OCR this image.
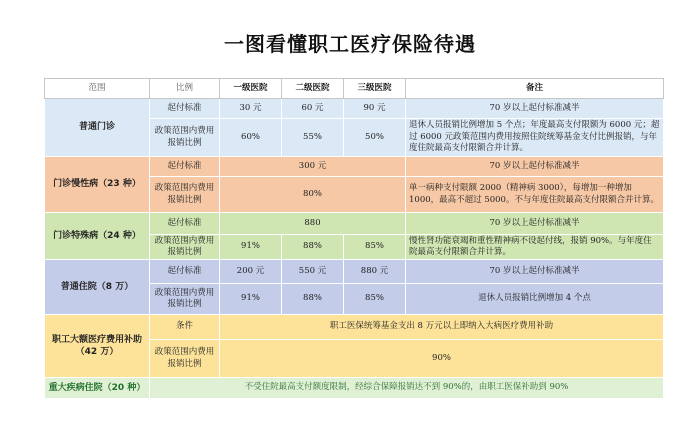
一图看懂职工医疗保险待遇
范围	比例	一级医院	二级医院	三级医院	备注
普通门诊	起付标准	30 元	60 元	90 元	70 岁以上起付标准减半
	政策范围内费用报销比例	60%	55%	50%	退休人员报销比例增加 5 个点；年度最高支付限额为 6000 元；超过 6000 元政策范围内费用按照住院统筹基金支付比例报销，与年度住院最高支付限额合并计算。
门诊慢性病（23 种）	起付标准	300 元			70 岁以上起付标准减半
	政策范围内费用报销比例	80%			单一病种支付限额 2000（精神病 3000），每增加一种增加 1000，最高不超过 5000。不与年度住院最高支付限额合并计算。
门诊特殊病（24 种）	起付标准	880			70 岁以上起付标准减半
	政策范围内费用报销比例	91%	88%	85%	慢性肾功能衰竭和重性精神病不设起付线，报销 90%。与年度住院最高支付限额合并计算。
普通住院（8 万）	起付标准	200 元	550 元	880 元	70 岁以上起付标准减半
	政策范围内费用报销比例	91%	88%	85%	退休人员报销比例增加 4 个点
职工大额医疗费用补助（42 万）	条件	职工医保统筹基金支出 8 万元以上即纳入大病医疗费用补助			
	政策范围内费用报销比例	90%			
重大疾病住院（20 种）	不受住院最高支付额度限制，经综合保障报销达不到 90%的，由职工医保补助到 90%				
